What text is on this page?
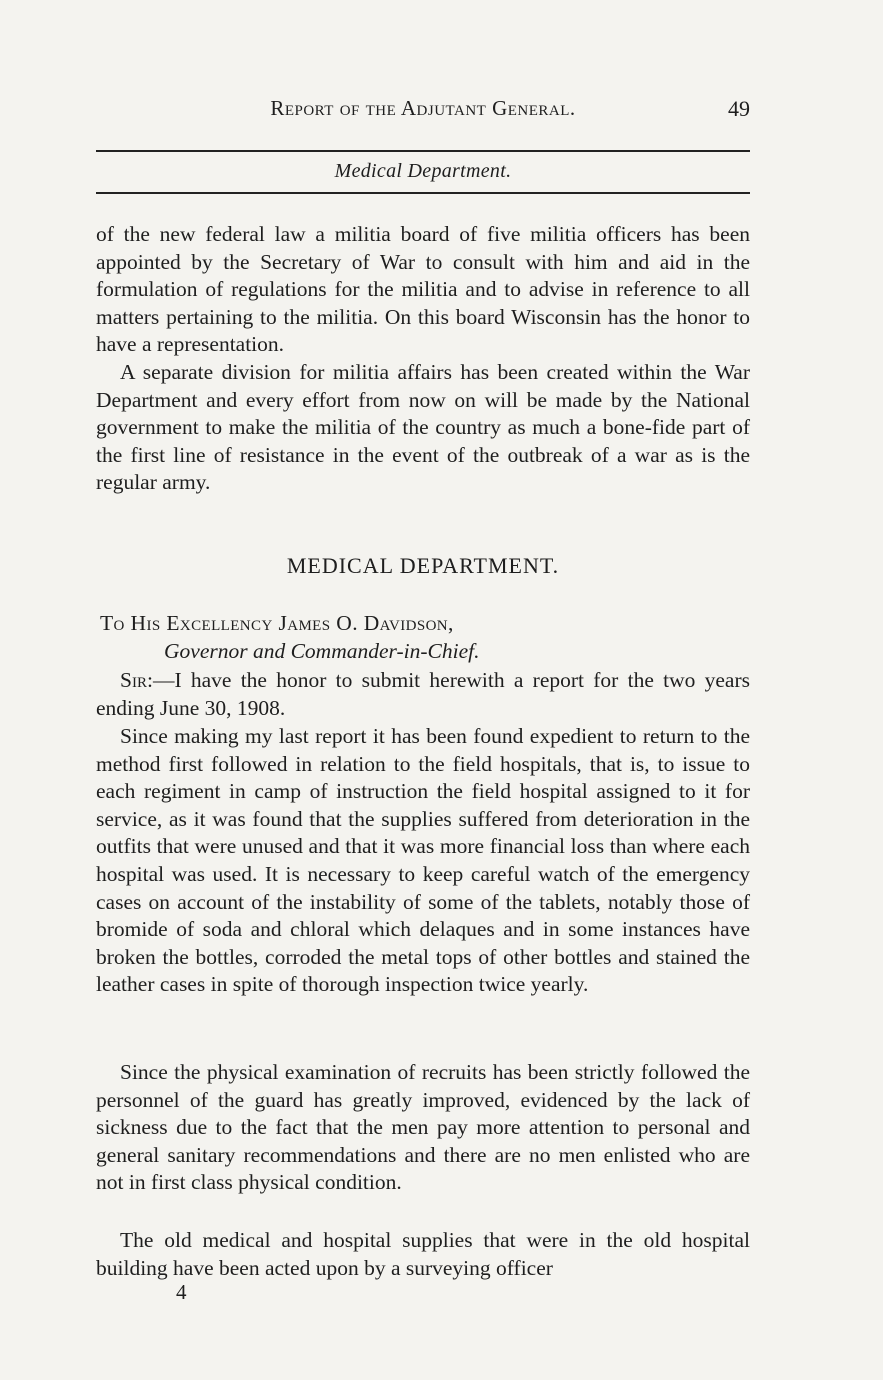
Report of the Adjutant General.	49
Medical Department.

of the new federal law a militia board of five militia officers has been appointed by the Secretary of War to consult with him and aid in the formulation of regulations for the militia and to advise in reference to all matters pertaining to the militia. On this board Wisconsin has the honor to have a representation.

A separate division for militia affairs has been created within the War Department and every effort from now on will be made by the National government to make the militia of the country as much a bone-fide part of the first line of resistance in the event of the outbreak of a war as is the regular army.

MEDICAL DEPARTMENT.
To His Excellency James O. Davidson,
Governor and Commander-in-Chief.

Sir:—I have the honor to submit herewith a report for the two years ending June 30, 1908.

Since making my last report it has been found expedient to return to the method first followed in relation to the field hospitals, that is, to issue to each regiment in camp of instruction the field hospital assigned to it for service, as it was found that the supplies suffered from deterioration in the outfits that were unused and that it was more financial loss than where each hospital was used. It is necessary to keep careful watch of the emergency cases on account of the instability of some of the tablets, notably those of bromide of soda and chloral which delaques and in some instances have broken the bottles, corroded the metal tops of other bottles and stained the leather cases in spite of thorough inspection twice yearly.

Since the physical examination of recruits has been strictly followed the personnel of the guard has greatly improved, evidenced by the lack of sickness due to the fact that the men pay more attention to personal and general sanitary recommendations and there are no men enlisted who are not in first class physical condition.

The old medical and hospital supplies that were in the old hospital building have been acted upon by a surveying officer

4
